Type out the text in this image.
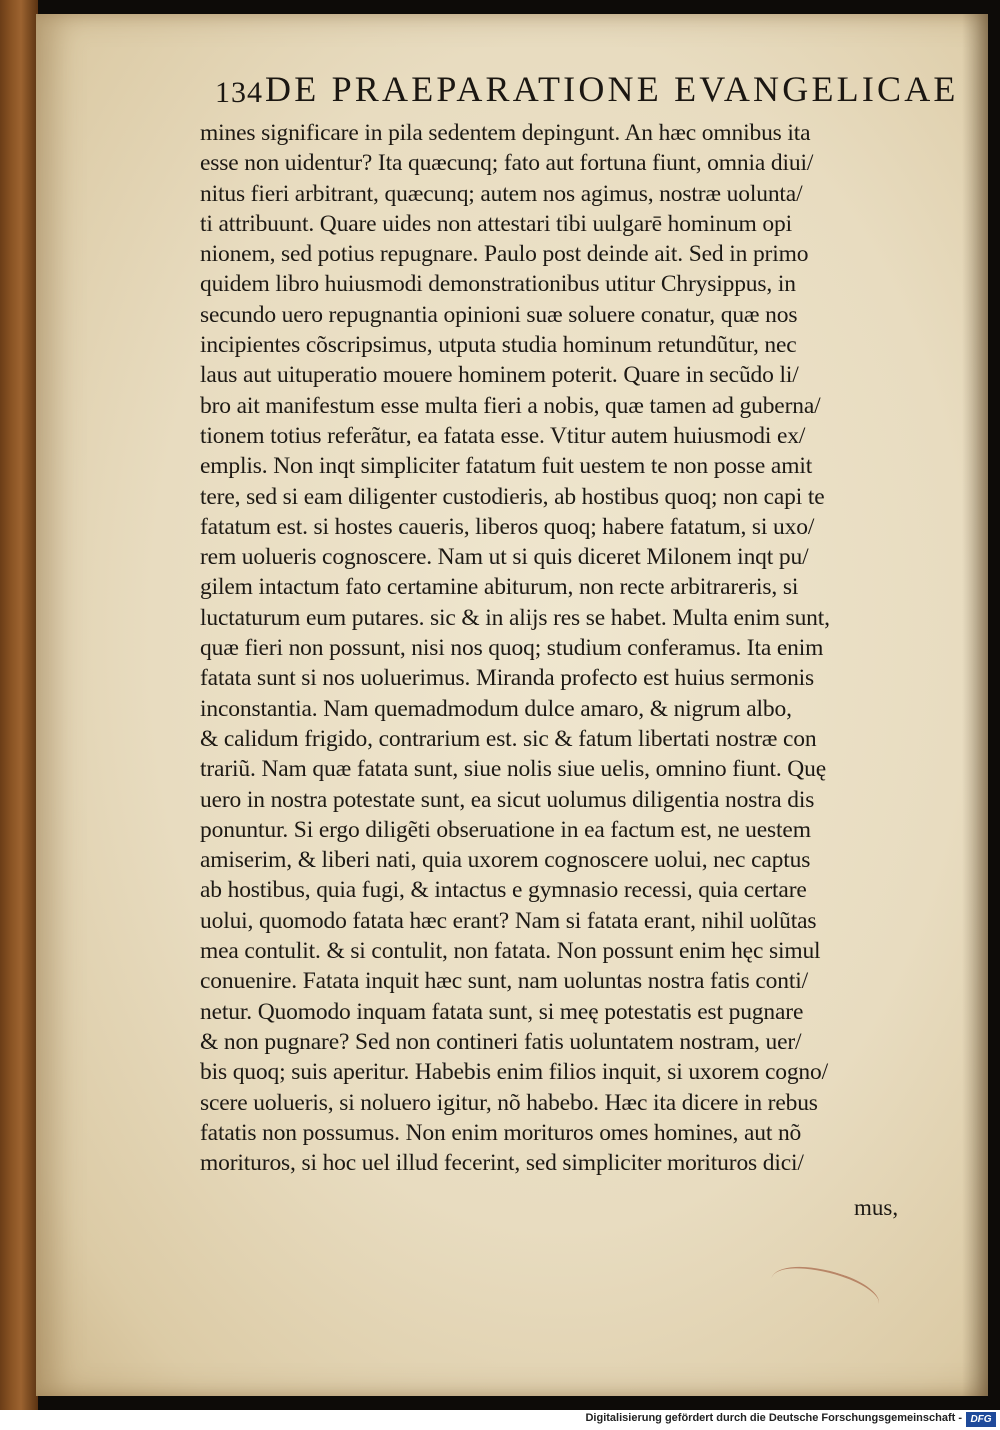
134 DE PRAEPARATIONE EVANGELICAE
mines significare in pila sedentem depingunt. An hæc omnibus ita
esse non uidentur? Ita quæcunq; fato aut fortuna fiunt, omnia diui/
nitus fieri arbitrant, quæcunq; autem nos agimus, nostræ uolunta/
ti attribuunt. Quare uides non attestari tibi uulgarē hominum opi
nionem, sed potius repugnare. Paulo post deinde ait. Sed in primo
quidem libro huiusmodi demonstrationibus utitur Chrysippus, in
secundo uero repugnantia opinioni suæ soluere conatur, quæ nos
incipientes cõscripsimus, utputa studia hominum retundũtur, nec
laus aut uituperatio mouere hominem poterit. Quare in secũdo li/
bro ait manifestum esse multa fieri a nobis, quæ tamen ad guberna/
tionem totius referãtur, ea fatata esse. Vtitur autem huiusmodi ex/
emplis. Non inqt simpliciter fatatum fuit uestem te non posse amit
tere, sed si eam diligenter custodieris, ab hostibus quoq; non capi te
fatatum est. si hostes caueris, liberos quoq; habere fatatum, si uxo/
rem uolueris cognoscere. Nam ut si quis diceret Milonem inqt pu/
gilem intactum fato certamine abiturum, non recte arbitrareris, si
luctaturum eum putares. sic & in alijs res se habet. Multa enim sunt,
quæ fieri non possunt, nisi nos quoq; studium conferamus. Ita enim
fatata sunt si nos uoluerimus. Miranda profecto est huius sermonis
inconstantia. Nam quemadmodum dulce amaro, & nigrum albo,
& calidum frigido, contrarium est. sic & fatum libertati nostræ con
trariũ. Nam quæ fatata sunt, siue nolis siue uelis, omnino fiunt. Quę
uero in nostra potestate sunt, ea sicut uolumus diligentia nostra dis
ponuntur. Si ergo diligẽti obseruatione in ea factum est, ne uestem
amiserim, & liberi nati, quia uxorem cognoscere uolui, nec captus
ab hostibus, quia fugi, & intactus e gymnasio recessi, quia certare
uolui, quomodo fatata hæc erant? Nam si fatata erant, nihil uolũtas
mea contulit. & si contulit, non fatata. Non possunt enim hęc simul
conuenire. Fatata inquit hæc sunt, nam uoluntas nostra fatis conti/
netur. Quomodo inquam fatata sunt, si meę potestatis est pugnare
& non pugnare? Sed non contineri fatis uoluntatem nostram, uer/
bis quoq; suis aperitur. Habebis enim filios inquit, si uxorem cogno/
scere uolueris, si noluero igitur, nõ habebo. Hæc ita dicere in rebus
fatatis non possumus. Non enim morituros omes homines, aut nõ
morituros, si hoc uel illud fecerint, sed simpliciter morituros dici/
mus,
Digitalisierung gefördert durch die Deutsche Forschungsgemeinschaft - DFG
